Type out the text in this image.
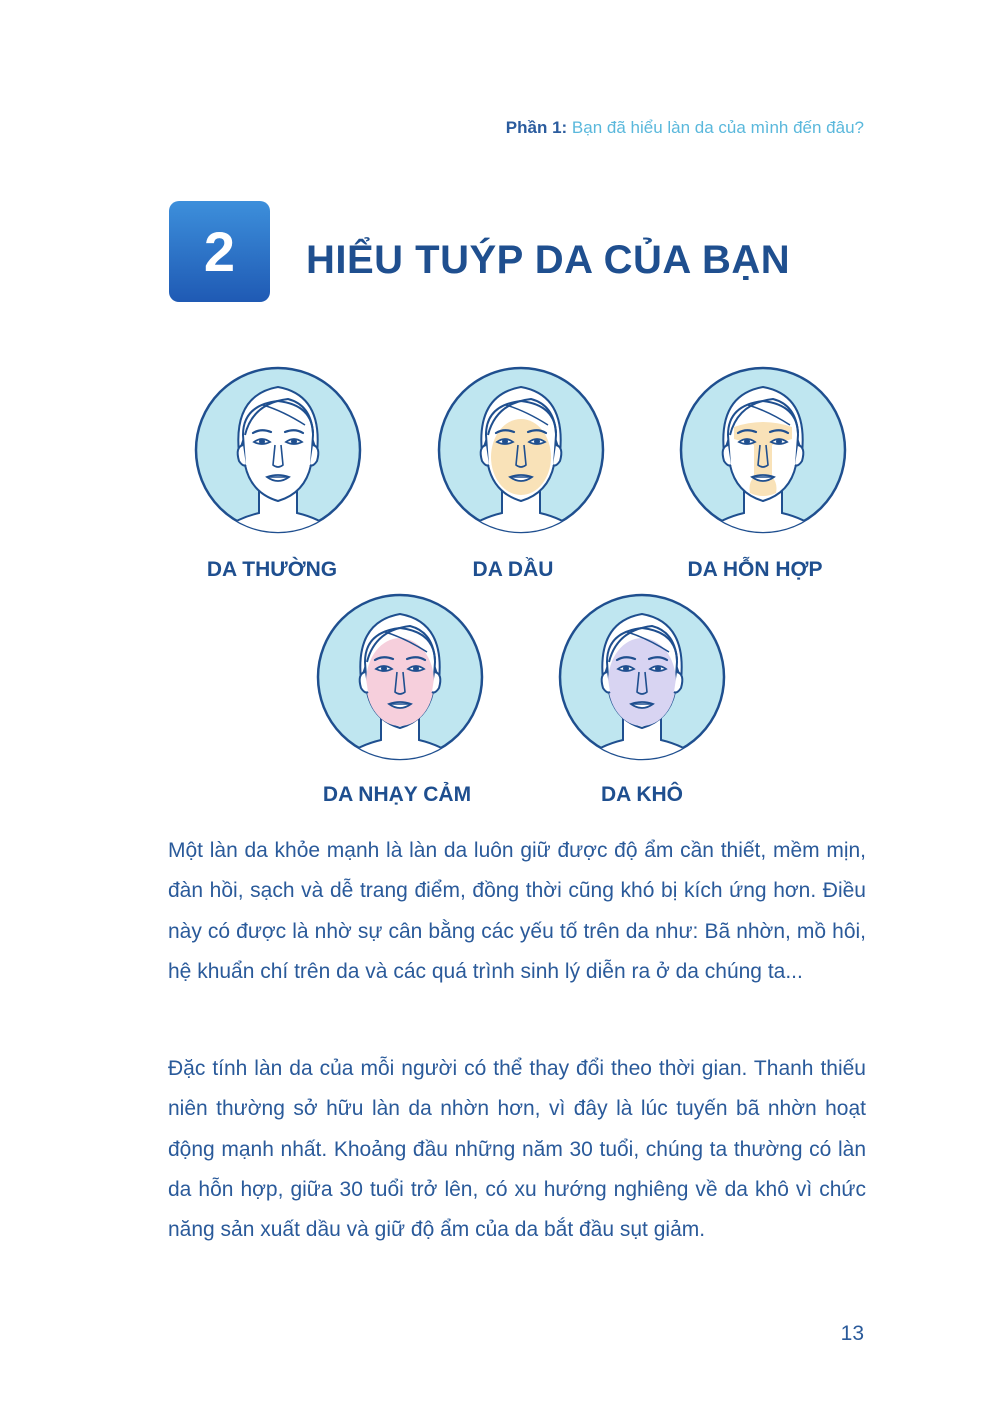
Phần 1: Bạn đã hiểu làn da của mình đến đâu?
2	HIỂU TUÝP DA CỦA BẠN
DA THƯỜNG	DA DẦU	DA HỖN HỢP
DA NHẠY CẢM	DA KHÔ

Một làn da khỏe mạnh là làn da luôn giữ được độ ẩm cần thiết, mềm mịn, đàn hồi, sạch và dễ trang điểm, đồng thời cũng khó bị kích ứng hơn. Điều này có được là nhờ sự cân bằng các yếu tố trên da như: Bã nhờn, mồ hôi, hệ khuẩn chí trên da và các quá trình sinh lý diễn ra ở da chúng ta...

Đặc tính làn da của mỗi người có thể thay đổi theo thời gian. Thanh thiếu niên thường sở hữu làn da nhờn hơn, vì đây là lúc tuyến bã nhờn hoạt động mạnh nhất. Khoảng đầu những năm 30 tuổi, chúng ta thường có làn da hỗn hợp, giữa 30 tuổi trở lên, có xu hướng nghiêng về da khô vì chức năng sản xuất dầu và giữ độ ẩm của da bắt đầu sụt giảm.

13
